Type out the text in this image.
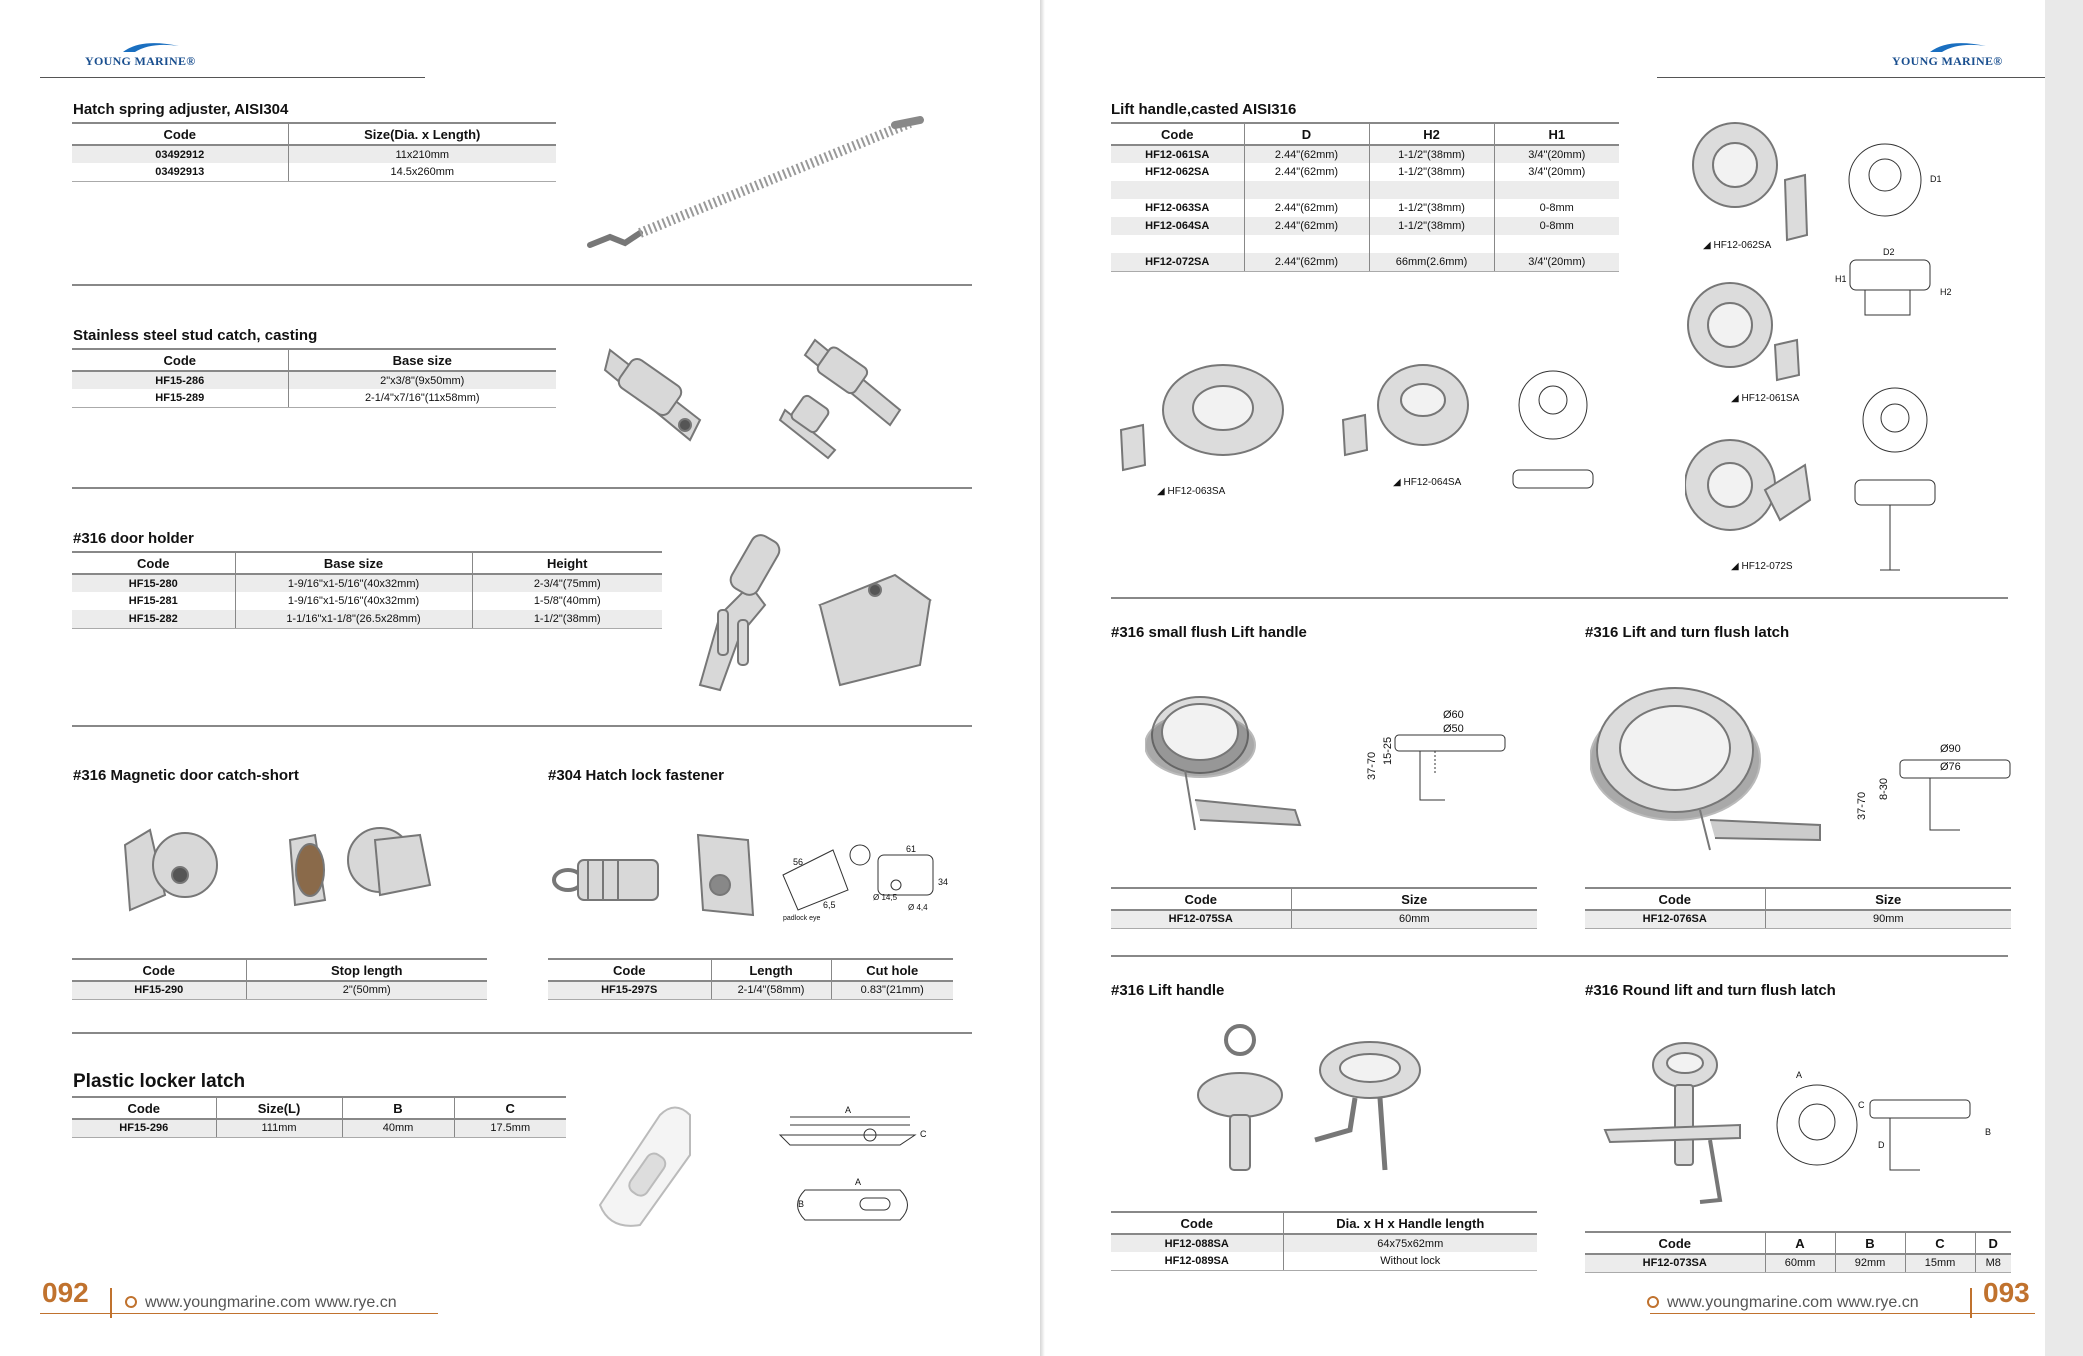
YOUNG MARINE®
Hatch spring adjuster, AISI304
Code	Size(Dia. x Length)
03492912	11x210mm
03492913	14.5x260mm
Stainless steel stud catch, casting
Code	Base size
HF15-286	2"x3/8"(9x50mm)
HF15-289	2-1/4"x7/16"(11x58mm)
#316 door holder
Code	Base size	Height
HF15-280	1-9/16"x1-5/16"(40x32mm)	2-3/4"(75mm)
HF15-281	1-9/16"x1-5/16"(40x32mm)	1-5/8"(40mm)
HF15-282	1-1/16"x1-1/8"(26.5x28mm)	1-1/2"(38mm)
#316 Magnetic door catch-short
Code	Stop length
HF15-290	2"(50mm)
#304 Hatch lock fastener
56
6,5
padlock eye
61
34
Ø 14,5
Ø 4,4
Code	Length	Cut hole
HF15-297S	2-1/4"(58mm)	0.83"(21mm)
Plastic locker latch
Code	Size(L)	B	C
HF15-296	111mm	40mm	17.5mm
A
C
A
B
092	www.youngmarine.com www.rye.cn
YOUNG MARINE®
Lift handle,casted AISI316
Code	D	H2	H1
HF12-061SA	2.44"(62mm)	1-1/2"(38mm)	3/4"(20mm)
HF12-062SA	2.44"(62mm)	1-1/2"(38mm)	3/4"(20mm)

HF12-063SA	2.44"(62mm)	1-1/2"(38mm)	0-8mm
HF12-064SA	2.44"(62mm)	1-1/2"(38mm)	0-8mm

HF12-072SA	2.44"(62mm)	66mm(2.6mm)	3/4"(20mm)
D1
D2
H1
H2
◢ HF12-062SA
◢ HF12-061SA
◢ HF12-072S
◢ HF12-063SA
◢ HF12-064SA
#316 small flush Lift handle
Ø60
Ø50
37-70
15-25
Code	Size
HF12-075SA	60mm
#316 Lift and turn flush latch
Ø90
Ø76
37-70
8-30
Code	Size
HF12-076SA	90mm
#316 Lift handle
Code	Dia. x H x Handle length
HF12-088SA	64x75x62mm
HF12-089SA	Without lock
#316 Round lift and turn flush latch
A
B
C
D
Code	A	B	C	D
HF12-073SA	60mm	92mm	15mm	M8
www.youngmarine.com www.rye.cn 093
